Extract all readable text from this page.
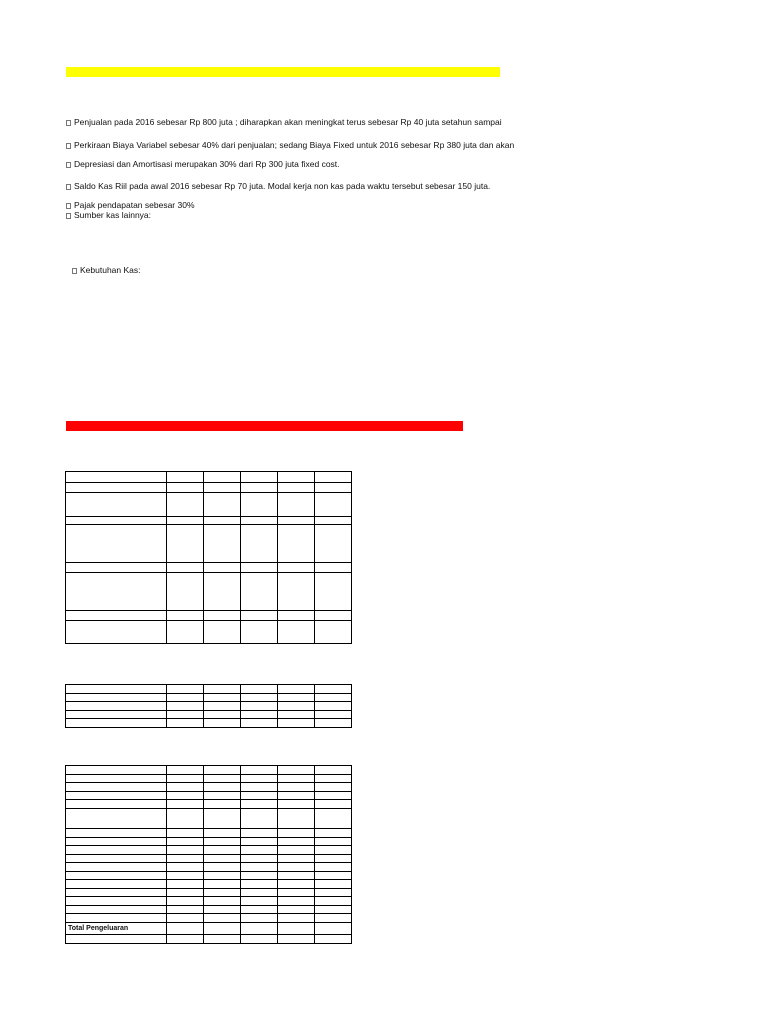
Penjualan pada 2016 sebesar Rp 800 juta ; diharapkan akan meningkat terus sebesar Rp 40 juta setahun sampai
Perkiraan Biaya Variabel sebesar 40% dari penjualan; sedang Biaya Fixed untuk 2016 sebesar Rp 380 juta dan akan
Depresiasi dan Amortisasi merupakan 30% dari Rp 300 juta fixed cost.
Saldo Kas Riil pada awal 2016 sebesar Rp 70 juta. Modal kerja non kas pada waktu tersebut sebesar 150 juta.
Pajak pendapatan sebesar 30%
Sumber kas lainnya:
Kebutuhan Kas:

Total Pengeluaran					
